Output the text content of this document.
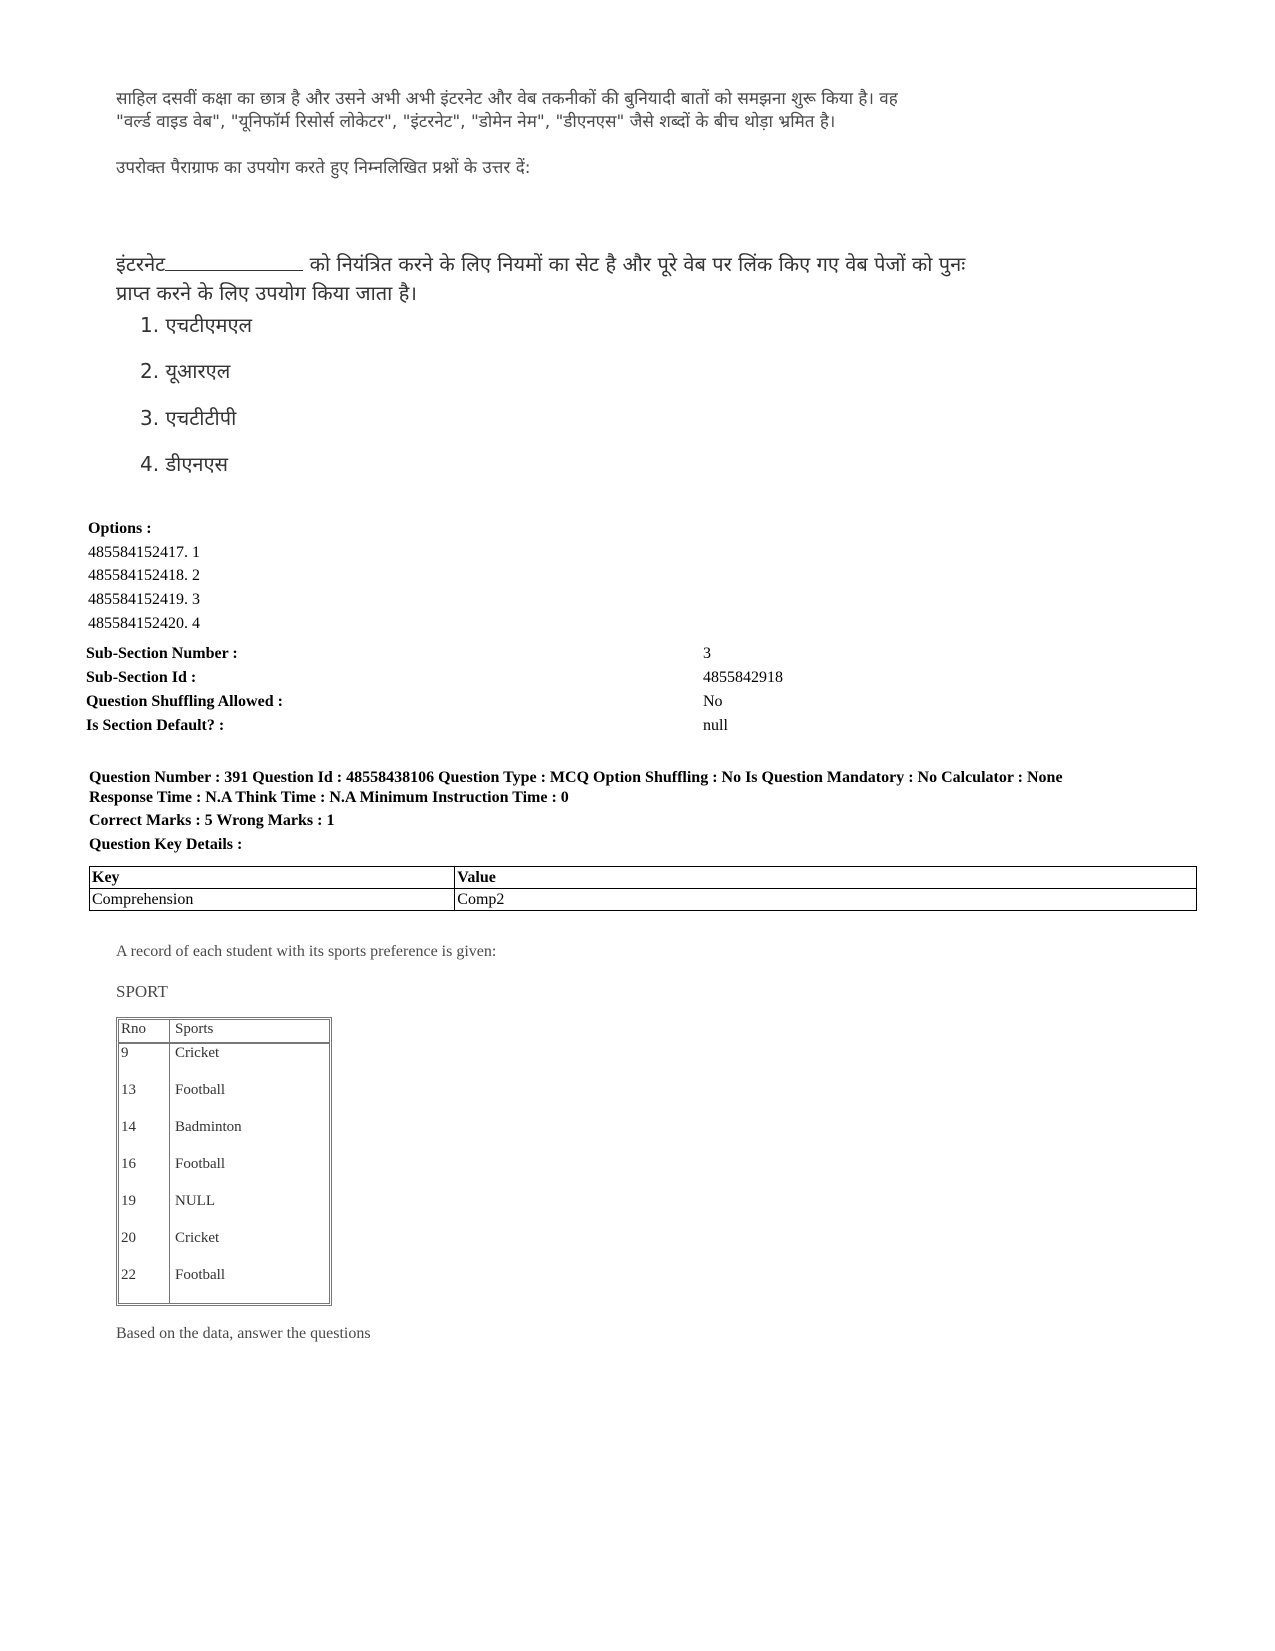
साहिल दसवीं कक्षा का छात्र है और उसने अभी अभी इंटरनेट और वेब तकनीकों की बुनियादी बातों को समझना शुरू किया है। वह
"वर्ल्ड वाइड वेब", "यूनिफॉर्म रिसोर्स लोकेटर", "इंटरनेट", "डोमेन नेम", "डीएनएस" जैसे शब्दों के बीच थोड़ा भ्रमित है।
उपरोक्त पैराग्राफ का उपयोग करते हुए निम्नलिखित प्रश्नों के उत्तर दें:
इंटरनेट	को नियंत्रित करने के लिए नियमों का सेट है और पूरे वेब पर लिंक किए गए वेब पेजों को पुनः
प्राप्त करने के लिए उपयोग किया जाता है।
1. एचटीएमएल
2. यूआरएल
3. एचटीटीपी
4. डीएनएस
Options :
485584152417. 1
485584152418. 2
485584152419. 3
485584152420. 4
Sub-Section Number :	3
Sub-Section Id :	4855842918
Question Shuffling Allowed :	No
Is Section Default? :	null
Question Number : 391 Question Id : 48558438106 Question Type : MCQ Option Shuffling : No Is Question Mandatory : No Calculator : None
Response Time : N.A Think Time : N.A Minimum Instruction Time : 0
Correct Marks : 5 Wrong Marks : 1
Question Key Details :
Key	Value
Comprehension	Comp2
A record of each student with its sports preference is given:
SPORT
Rno Sports
9	Cricket
13	Football
14	Badminton
16	Football
19	NULL
20	Cricket
22	Football
Based on the data, answer the questions
